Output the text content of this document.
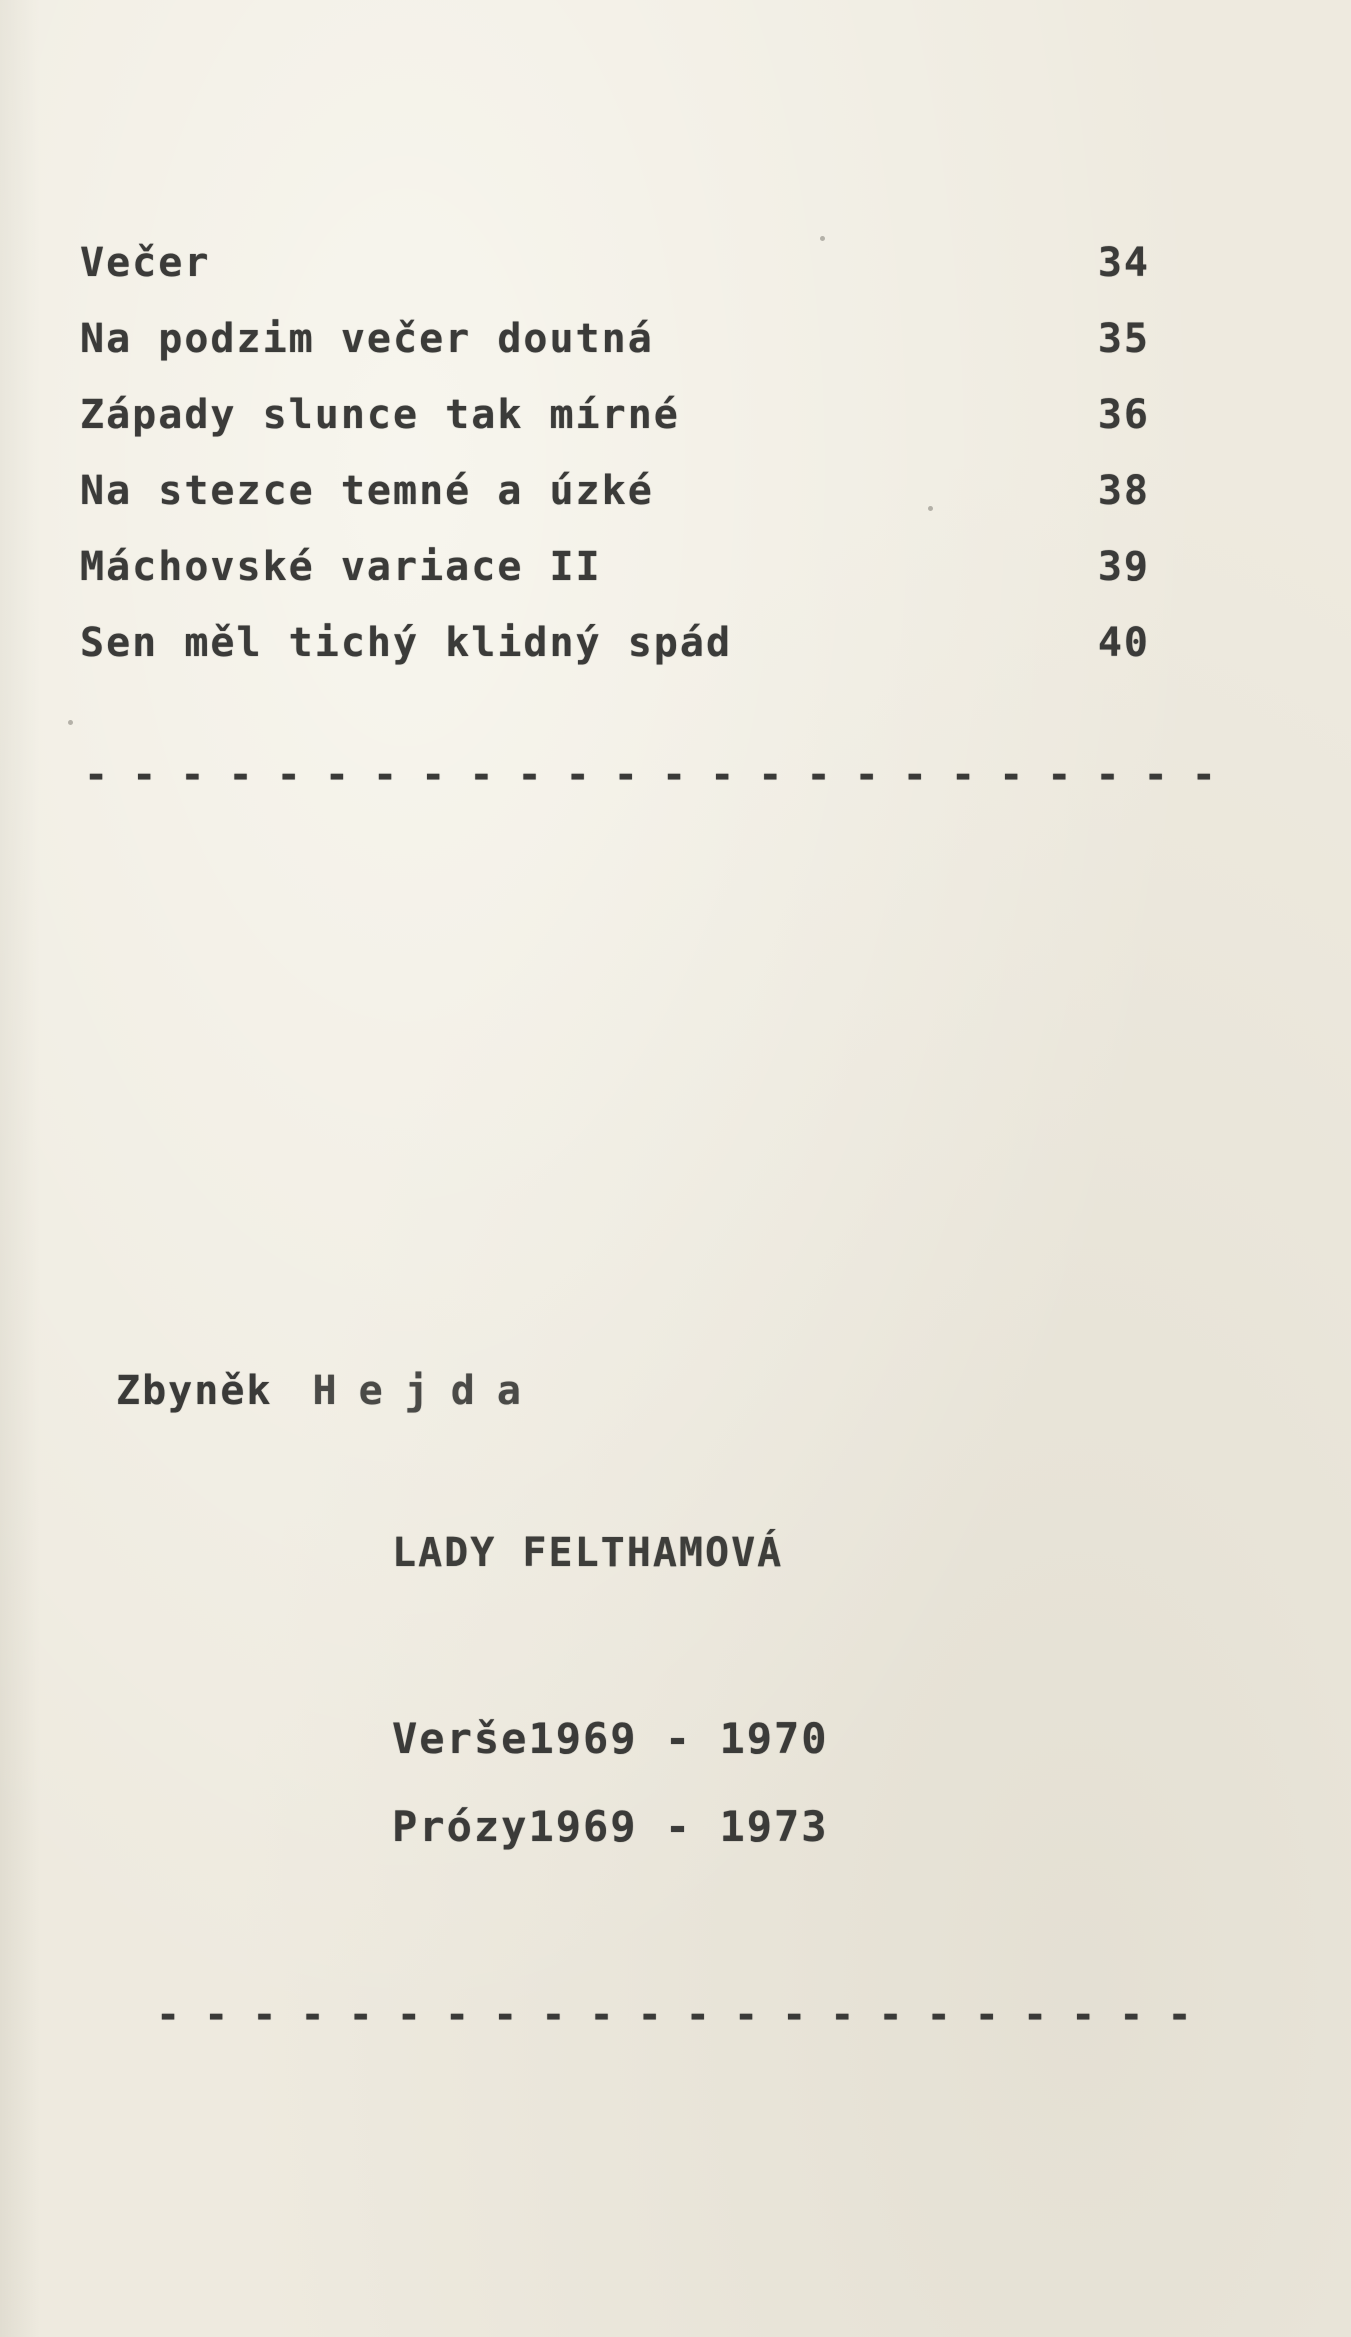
Večer	34
Na podzim večer doutná	35
Západy slunce tak mírné	36
Na stezce temné a úzké	38
Máchovské variace II	39
Sen měl tichý klidný spád	40
- - - - - - - - - - - - - - - - - - - - - - - -
Zbyněk Hejda
LADY FELTHAMOVÁ
Verše1969 - 1970
Prózy1969 - 1973
- - - - - - - - - - - - - - - - - - - - - -
